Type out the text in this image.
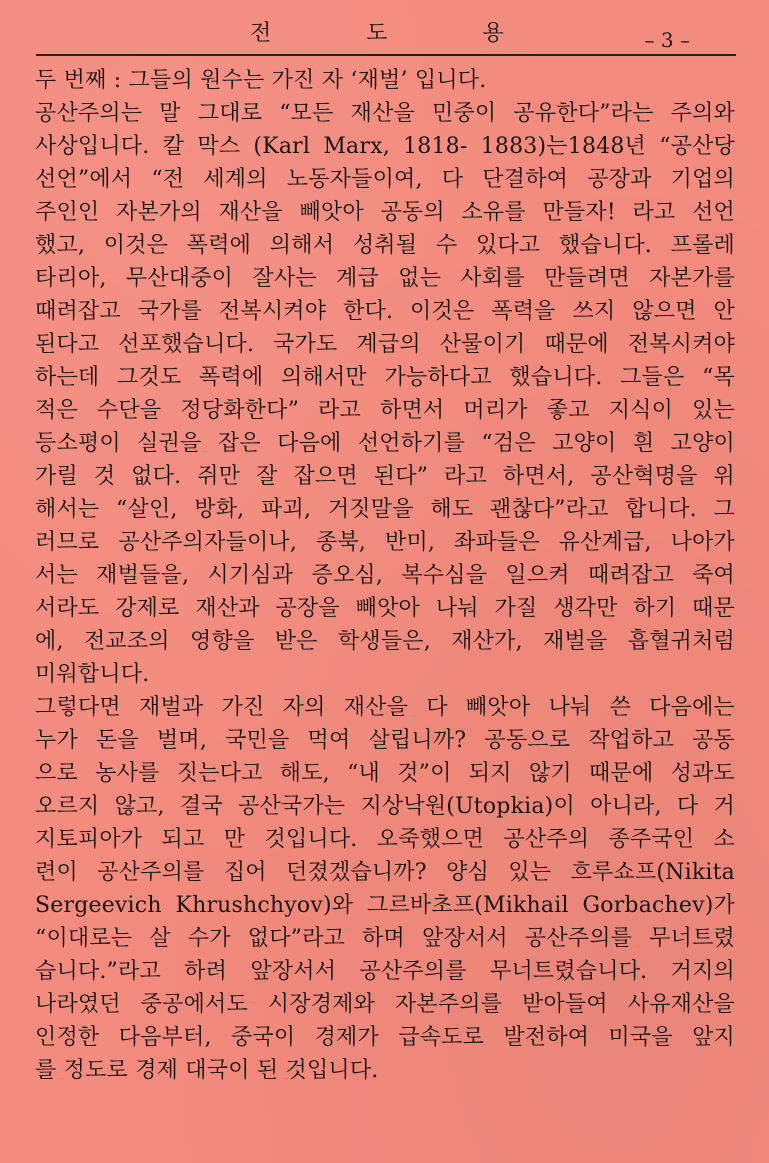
전 도 용	– 3 –
두 번째 : 그들의 원수는 가진 자 ‘재벌’ 입니다.
공산주의는 말 그대로 “모든 재산을 민중이 공유한다”라는 주의와
사상입니다. 칼 막스 (Karl Marx, 1818- 1883)는1848년 “공산당
선언”에서 “전 세계의 노동자들이여, 다 단결하여 공장과 기업의
주인인 자본가의 재산을 빼앗아 공동의 소유를 만들자! 라고 선언
했고, 이것은 폭력에 의해서 성취될 수 있다고 했습니다. 프롤레
타리아, 무산대중이 잘사는 계급 없는 사회를 만들려면 자본가를
때려잡고 국가를 전복시켜야 한다. 이것은 폭력을 쓰지 않으면 안
된다고 선포했습니다. 국가도 계급의 산물이기 때문에 전복시켜야
하는데 그것도 폭력에 의해서만 가능하다고 했습니다. 그들은 “목
적은 수단을 정당화한다” 라고 하면서 머리가 좋고 지식이 있는
등소평이 실권을 잡은 다음에 선언하기를 “검은 고양이 흰 고양이
가릴 것 없다. 쥐만 잘 잡으면 된다” 라고 하면서, 공산혁명을 위
해서는 “살인, 방화, 파괴, 거짓말을 해도 괜찮다”라고 합니다. 그
러므로 공산주의자들이나, 종북, 반미, 좌파들은 유산계급, 나아가
서는 재벌들을, 시기심과 증오심, 복수심을 일으켜 때려잡고 죽여
서라도 강제로 재산과 공장을 빼앗아 나눠 가질 생각만 하기 때문
에, 전교조의 영향을 받은 학생들은, 재산가, 재벌을 흡혈귀처럼
미워합니다.
그렇다면 재벌과 가진 자의 재산을 다 빼앗아 나눠 쓴 다음에는
누가 돈을 벌며, 국민을 먹여 살립니까? 공동으로 작업하고 공동
으로 농사를 짓는다고 해도, “내 것”이 되지 않기 때문에 성과도
오르지 않고, 결국 공산국가는 지상낙원(Utopkia)이 아니라, 다 거
지토피아가 되고 만 것입니다. 오죽했으면 공산주의 종주국인 소
련이 공산주의를 집어 던졌겠습니까? 양심 있는 흐루쇼프(Nikita
Sergeevich Khrushchyov)와 그르바초프(Mikhail Gorbachev)가
“이대로는 살 수가 없다”라고 하며 앞장서서 공산주의를 무너트렸
습니다.”라고 하려 앞장서서 공산주의를 무너트렸습니다. 거지의
나라였던 중공에서도 시장경제와 자본주의를 받아들여 사유재산을
인정한 다음부터, 중국이 경제가 급속도로 발전하여 미국을 앞지
를 정도로 경제 대국이 된 것입니다.
